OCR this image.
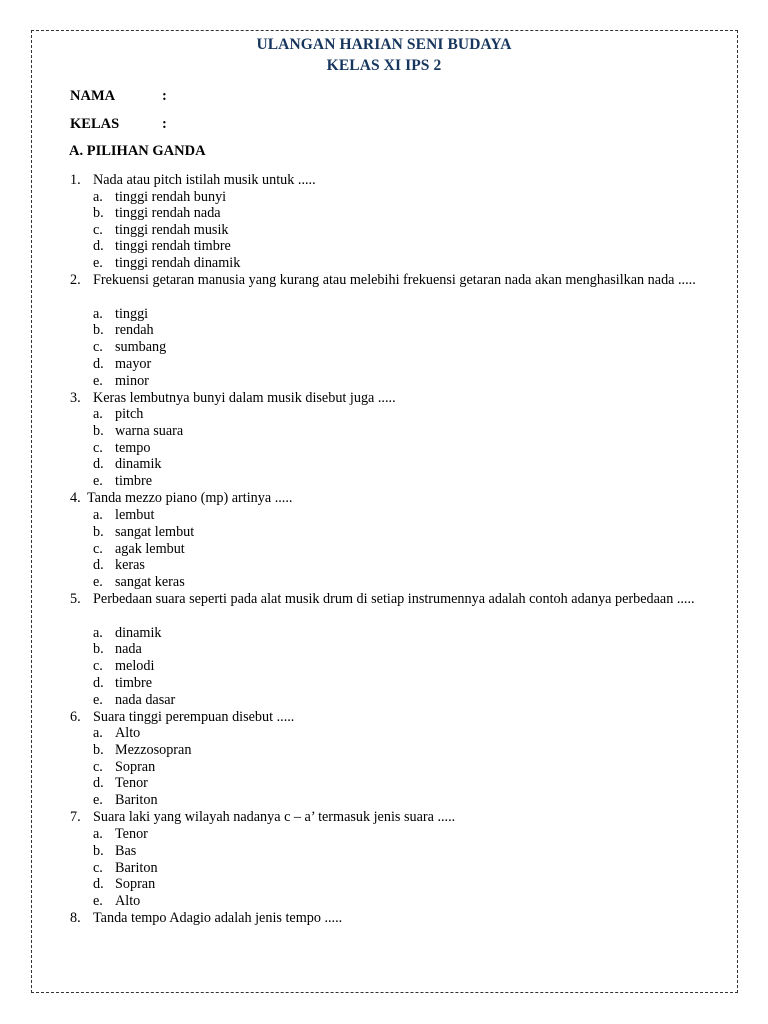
ULANGAN HARIAN SENI BUDAYA
KELAS XI IPS 2
NAMA	:
KELAS	:
A. PILIHAN GANDA
1. Nada atau pitch istilah musik untuk .....
a. tinggi rendah bunyi
b. tinggi rendah nada
c. tinggi rendah musik
d. tinggi rendah timbre
e. tinggi rendah dinamik
2. Frekuensi getaran manusia yang kurang atau melebihi frekuensi getaran nada akan menghasilkan nada .....
a. tinggi
b. rendah
c. sumbang
d. mayor
e. minor
3. Keras lembutnya bunyi dalam musik disebut juga .....
a. pitch
b. warna suara
c. tempo
d. dinamik
e. timbre
4. Tanda mezzo piano (mp) artinya .....
a. lembut
b. sangat lembut
c. agak lembut
d. keras
e. sangat keras
5. Perbedaan suara seperti pada alat musik drum di setiap instrumennya adalah contoh adanya perbedaan .....
a. dinamik
b. nada
c. melodi
d. timbre
e. nada dasar
6. Suara tinggi perempuan disebut .....
a. Alto
b. Mezzosopran
c. Sopran
d. Tenor
e. Bariton
7. Suara laki yang wilayah nadanya c – a’ termasuk jenis suara .....
a. Tenor
b. Bas
c. Bariton
d. Sopran
e. Alto
8. Tanda tempo Adagio adalah jenis tempo .....
